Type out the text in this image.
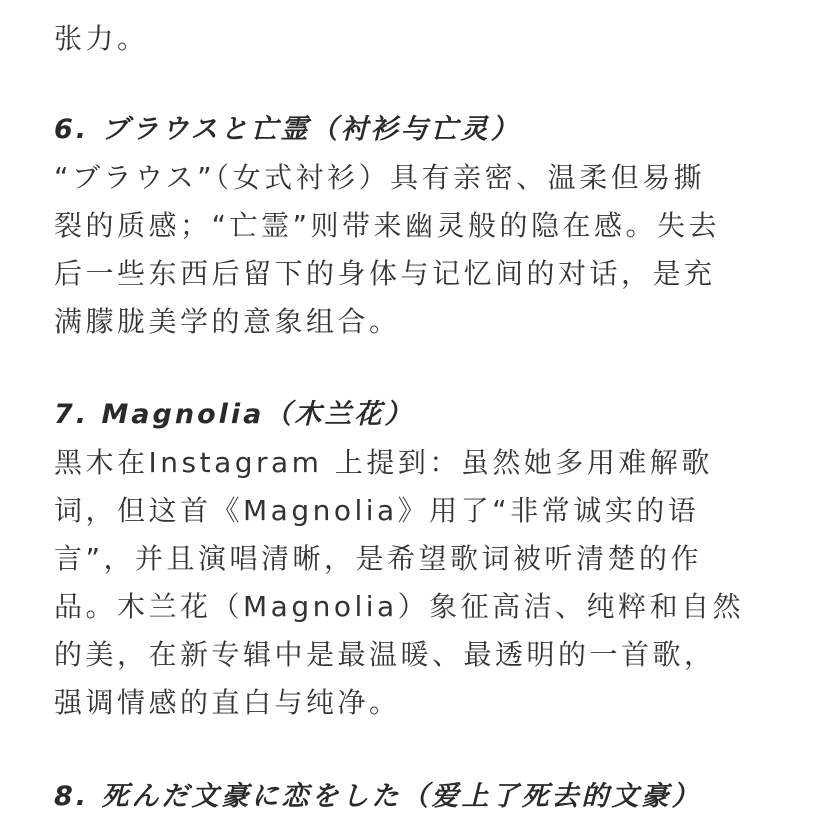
张力。

6. ブラウスと亡霊（衬衫与亡灵）

“ブラウス”（女式衬衫）具有亲密、温柔但易撕

裂的质感；“亡霊”则带来幽灵般的隐在感。失去

后一些东西后留下的身体与记忆间的对话，是充

满朦胧美学的意象组合。

7. Magnolia（木兰花）

黑木在Instagram 上提到：虽然她多用难解歌

词，但这首《Magnolia》用了“非常诚实的语

言”，并且演唱清晰，是希望歌词被听清楚的作

品。木兰花（Magnolia）象征高洁、纯粹和自然

的美，在新专辑中是最温暖、最透明的一首歌，

强调情感的直白与纯净。

8. 死んだ文豪に恋をした（爱上了死去的文豪）
